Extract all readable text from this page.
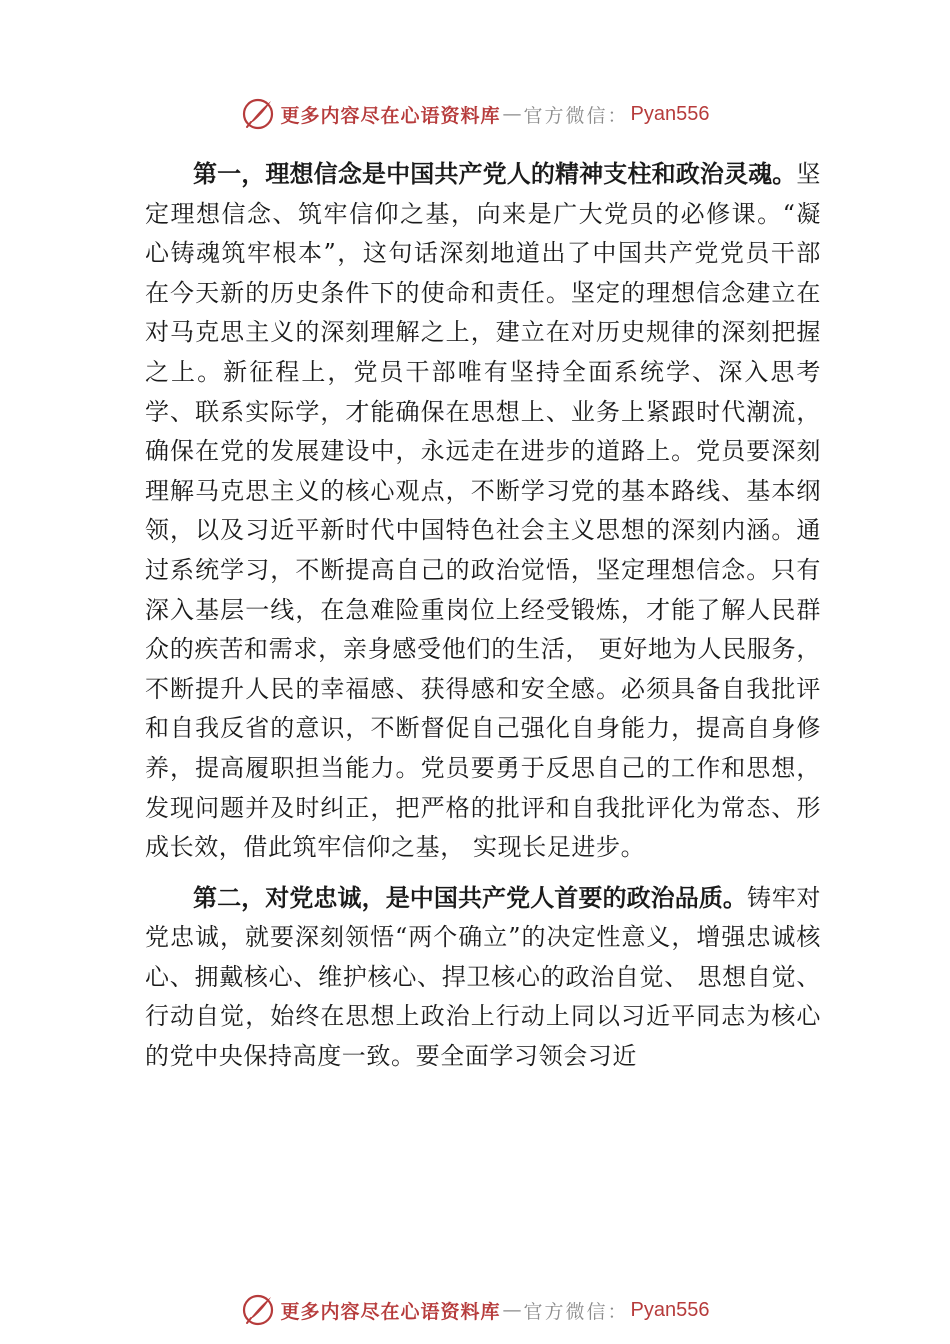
更多内容尽在心语资料库 — 官方微信： Pyan556

第一，理想信念是中国共产党人的精神支柱和政治灵魂。坚定理想信念、筑牢信仰之基，向来是广大党员的必修课。“凝心铸魂筑牢根本”，这句话深刻地道出了中国共产党党员干部在今天新的历史条件下的使命和责任。坚定的理想信念建立在对马克思主义的深刻理解之上，建立在对历史规律的深刻把握之上。新征程上，党员干部唯有坚持全面系统学、深入思考学、联系实际学，才能确保在思想上、业务上紧跟时代潮流，确保在党的发展建设中，永远走在进步的道路上。党员要深刻理解马克思主义的核心观点，不断学习党的基本路线、基本纲领，以及习近平新时代中国特色社会主义思想的深刻内涵。通过系统学习，不断提高自己的政治觉悟，坚定理想信念。只有深入基层一线，在急难险重岗位上经受锻炼，才能了解人民群众的疾苦和需求，亲身感受他们的生活， 更好地为人民服务，不断提升人民的幸福感、获得感和安全感。必须具备自我批评和自我反省的意识，不断督促自己强化自身能力，提高自身修养，提高履职担当能力。党员要勇于反思自己的工作和思想，发现问题并及时纠正，把严格的批评和自我批评化为常态、形成长效，借此筑牢信仰之基， 实现长足进步。

第二，对党忠诚，是中国共产党人首要的政治品质。铸牢对党忠诚，就要深刻领悟“两个确立”的决定性意义，增强忠诚核心、拥戴核心、维护核心、捍卫核心的政治自觉、 思想自觉、行动自觉，始终在思想上政治上行动上同以习近平同志为核心的党中央保持高度一致。要全面学习领会习近

更多内容尽在心语资料库 — 官方微信： Pyan556
